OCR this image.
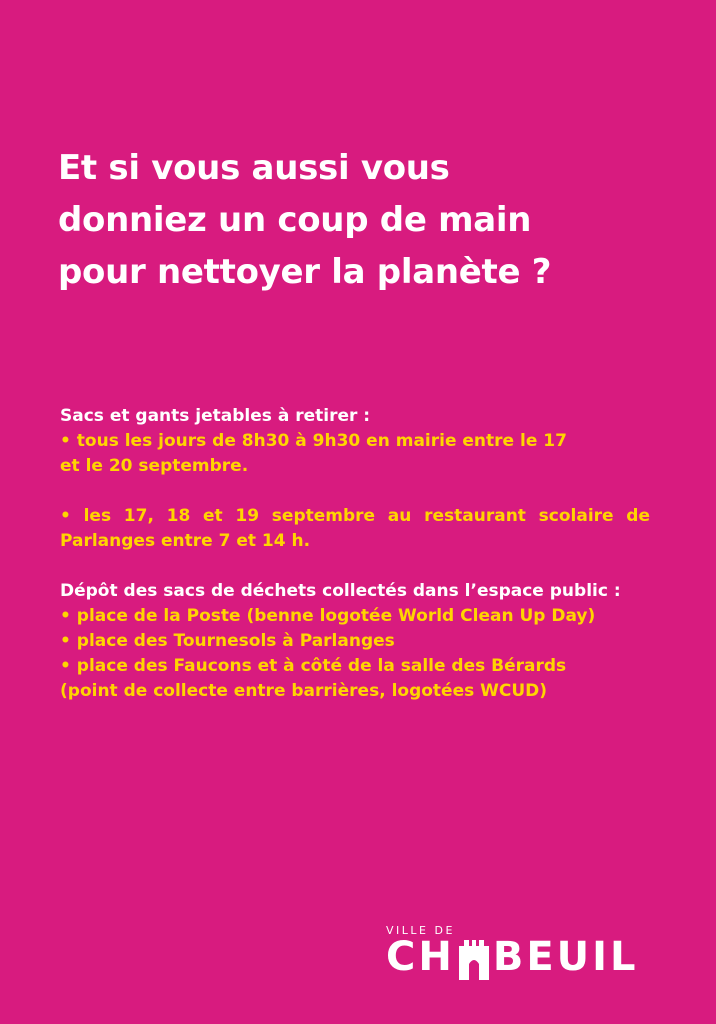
Et si vous aussi vous
donniez un coup de main
pour nettoyer la planète ?

Sacs et gants jetables à retirer :

• tous les jours de 8h30 à 9h30 en mairie entre le 17

et le 20 septembre.

• les 17, 18 et 19 septembre au restaurant scolaire de Parlanges entre 7 et 14 h.

Dépôt des sacs de déchets collectés dans l’espace public :

• place de la Poste (benne logotée World Clean Up Day)

• place des Tournesols à Parlanges

• place des Faucons et à côté de la salle des Bérards

(point de collecte entre barrières, logotées WCUD)

VILLE DE
CH BEUIL
